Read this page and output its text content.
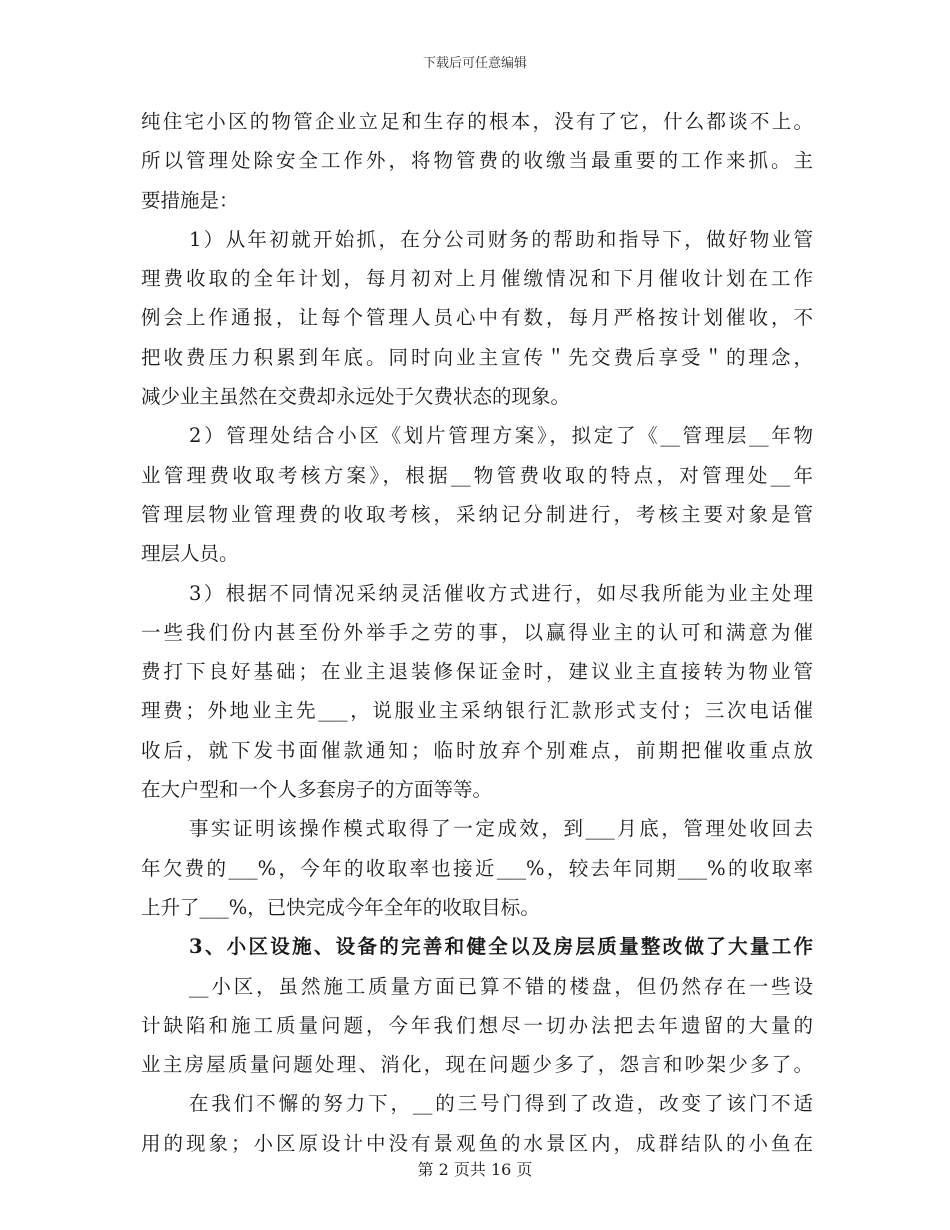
下载后可任意编辑
纯住宅小区的物管企业立足和生存的根本，没有了它，什么都谈不上。
所以管理处除安全工作外，将物管费的收缴当最重要的工作来抓。主
要措施是：
1）从年初就开始抓，在分公司财务的帮助和指导下，做好物业管
理费收取的全年计划，每月初对上月催缴情况和下月催收计划在工作
例会上作通报，让每个管理人员心中有数，每月严格按计划催收，不
把收费压力积累到年底。同时向业主宣传＂先交费后享受＂的理念，
减少业主虽然在交费却永远处于欠费状态的现象。
2）管理处结合小区《划片管理方案》，拟定了《__管理层__年物
业管理费收取考核方案》，根据__物管费收取的特点，对管理处__年
管理层物业管理费的收取考核，采纳记分制进行，考核主要对象是管
理层人员。
3）根据不同情况采纳灵活催收方式进行，如尽我所能为业主处理
一些我们份内甚至份外举手之劳的事，以赢得业主的认可和满意为催
费打下良好基础；在业主退装修保证金时，建议业主直接转为物业管
理费；外地业主先___，说服业主采纳银行汇款形式支付；三次电话催
收后，就下发书面催款通知；临时放弃个别难点，前期把催收重点放
在大户型和一个人多套房子的方面等等。
事实证明该操作模式取得了一定成效，到___月底，管理处收回去
年欠费的___%，今年的收取率也接近___%，较去年同期___%的收取率
上升了___%，已快完成今年全年的收取目标。
3、小区设施、设备的完善和健全以及房层质量整改做了大量工作
__小区，虽然施工质量方面已算不错的楼盘，但仍然存在一些设
计缺陷和施工质量问题，今年我们想尽一切办法把去年遗留的大量的
业主房屋质量问题处理、消化，现在问题少多了，怨言和吵架少多了。
在我们不懈的努力下，__的三号门得到了改造，改变了该门不适
用的现象；小区原设计中没有景观鱼的水景区内，成群结队的小鱼在
第 2 页共 16 页
